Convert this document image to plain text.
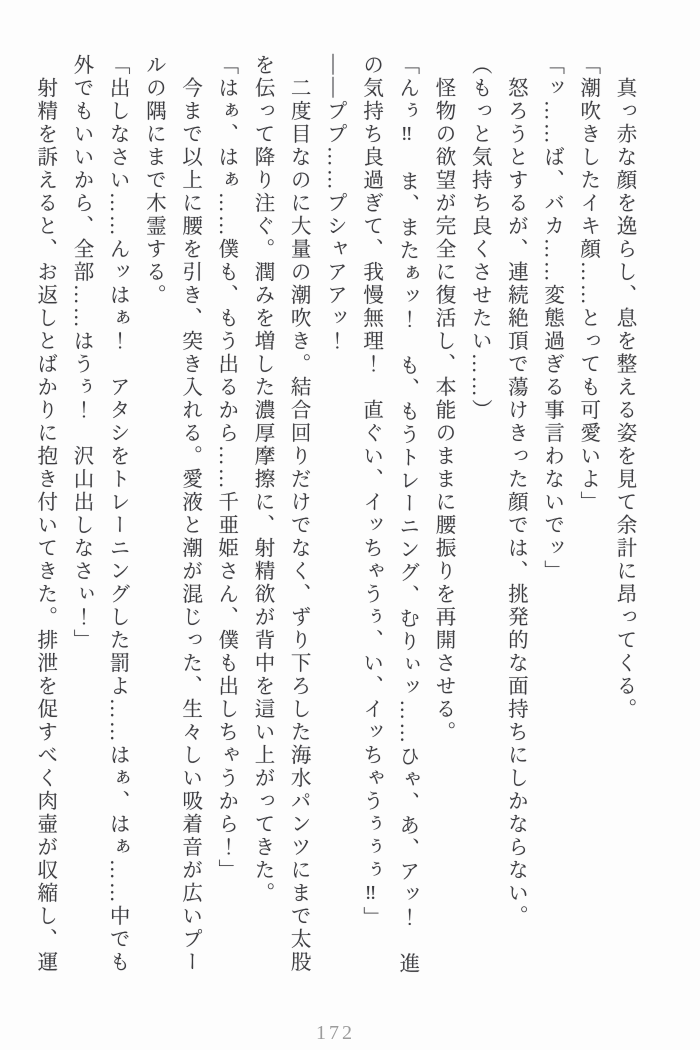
　真っ赤な顔を逸らし、息を整える姿を見て余計に昂ってくる。

「潮吹きしたイキ顔……とっても可愛いよ」

「ッ……ば、バカ……変態過ぎる事言わないでッ」

　怒ろうとするが、連続絶頂で蕩けきった顔では、挑発的な面持ちにしかならない。

（もっと気持ち良くさせたい……）

　怪物の欲望が完全に復活し、本能のままに腰振りを再開させる。

「んぅ‼　ま、またぁッ！　も、もうトレーニング、むりぃッ……ひゃ、あ、アッ！　進

の気持ち良過ぎて、我慢無理！　直ぐい、イッちゃうぅ、い、イッちゃうぅぅぅ‼」

――ププ……プシャアアッ！

　二度目なのに大量の潮吹き。結合回りだけでなく、ずり下ろした海水パンツにまで太股

を伝って降り注ぐ。潤みを増した濃厚摩擦に、射精欲が背中を這い上がってきた。

「はぁ、はぁ……僕も、もう出るから……千亜姫さん、僕も出しちゃうから！」

　今まで以上に腰を引き、突き入れる。愛液と潮が混じった、生々しい吸着音が広いプー

ルの隅にまで木霊する。

「出しなさい……んッはぁ！　アタシをトレーニングした罰よ……はぁ、はぁ……中でも

外でもいいから、全部……はうぅ！　沢山出しなさぃ！」

　射精を訴えると、お返しとばかりに抱き付いてきた。排泄を促すべく肉壷が収縮し、運

172
